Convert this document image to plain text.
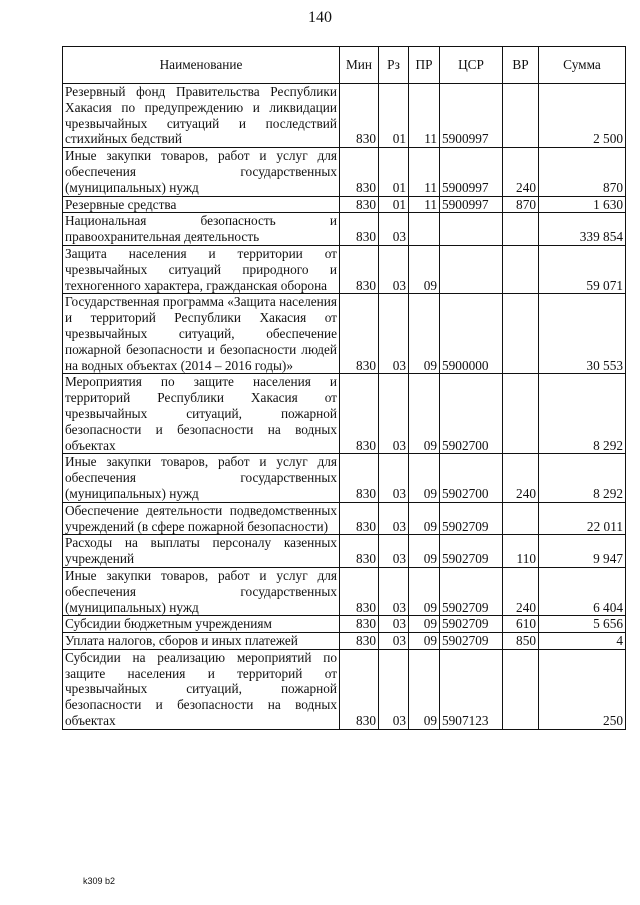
140
Наименование	Мин	Рз	ПР	ЦСР	ВР	Сумма
Резервный фонд Правительства Республики Хакасия по предупреждению и ликвидации чрезвычайных ситуаций и последствий стихийных бедствий	830	01	11	5900997		2 500
Иные закупки товаров, работ и услуг для обеспечения государственных (муниципальных) нужд	830	01	11	5900997	240	870
Резервные средства	830	01	11	5900997	870	1 630
Национальная безопасность и правоохранительная деятельность	830	03				339 854
Защита населения и территории от чрезвычайных ситуаций природного и техногенного характера, гражданская оборона	830	03	09			59 071
Государственная программа «Защита населения и территорий Республики Хакасия от чрезвычайных ситуаций, обеспечение пожарной безопасности и безопасности людей на водных объектах (2014 – 2016 годы)»	830	03	09	5900000		30 553
Мероприятия по защите населения и территорий Республики Хакасия от чрезвычайных ситуаций, пожарной безопасности и безопасности на водных объектах	830	03	09	5902700		8 292
Иные закупки товаров, работ и услуг для обеспечения государственных (муниципальных) нужд	830	03	09	5902700	240	8 292
Обеспечение деятельности подведомственных учреждений (в сфере пожарной безопасности)	830	03	09	5902709		22 011
Расходы на выплаты персоналу казенных учреждений	830	03	09	5902709	110	9 947
Иные закупки товаров, работ и услуг для обеспечения государственных (муниципальных) нужд	830	03	09	5902709	240	6 404
Субсидии бюджетным учреждениям	830	03	09	5902709	610	5 656
Уплата налогов, сборов и иных платежей	830	03	09	5902709	850	4
Субсидии на реализацию мероприятий по защите населения и территорий от чрезвычайных ситуаций, пожарной безопасности и безопасности на водных объектах	830	03	09	5907123		250
k309 b2
